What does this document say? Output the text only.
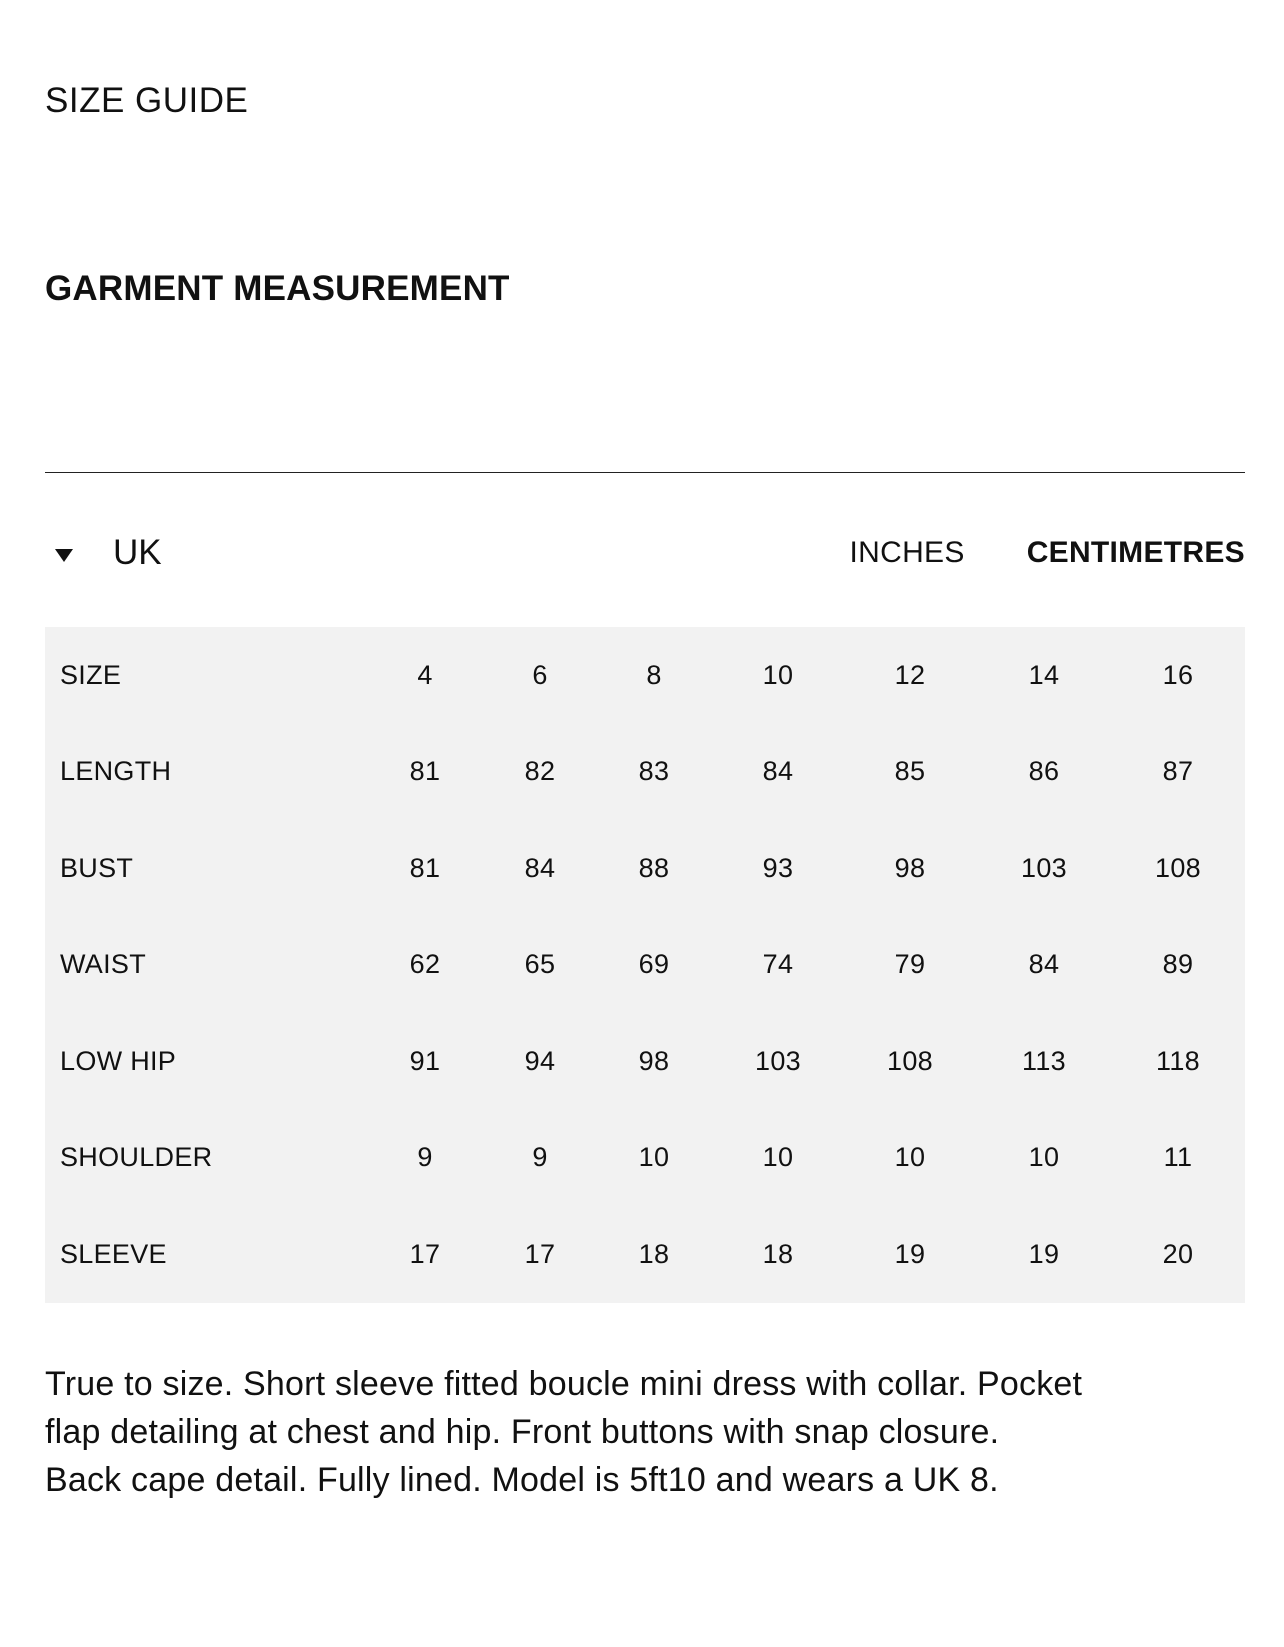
SIZE GUIDE
GARMENT MEASUREMENT
UK	INCHES CENTIMETRES
SIZE	4	6	8	10	12	14	16
LENGTH	81	82	83	84	85	86	87
BUST	81	84	88	93	98	103	108
WAIST	62	65	69	74	79	84	89
LOW HIP	91	94	98	103	108	113	118
SHOULDER	9	9	10	10	10	10	11
SLEEVE	17	17	18	18	19	19	20

True to size. Short sleeve fitted boucle mini dress with collar. Pocket flap detailing at chest and hip. Front buttons with snap closure. Back cape detail. Fully lined. Model is 5ft10 and wears a UK 8.
